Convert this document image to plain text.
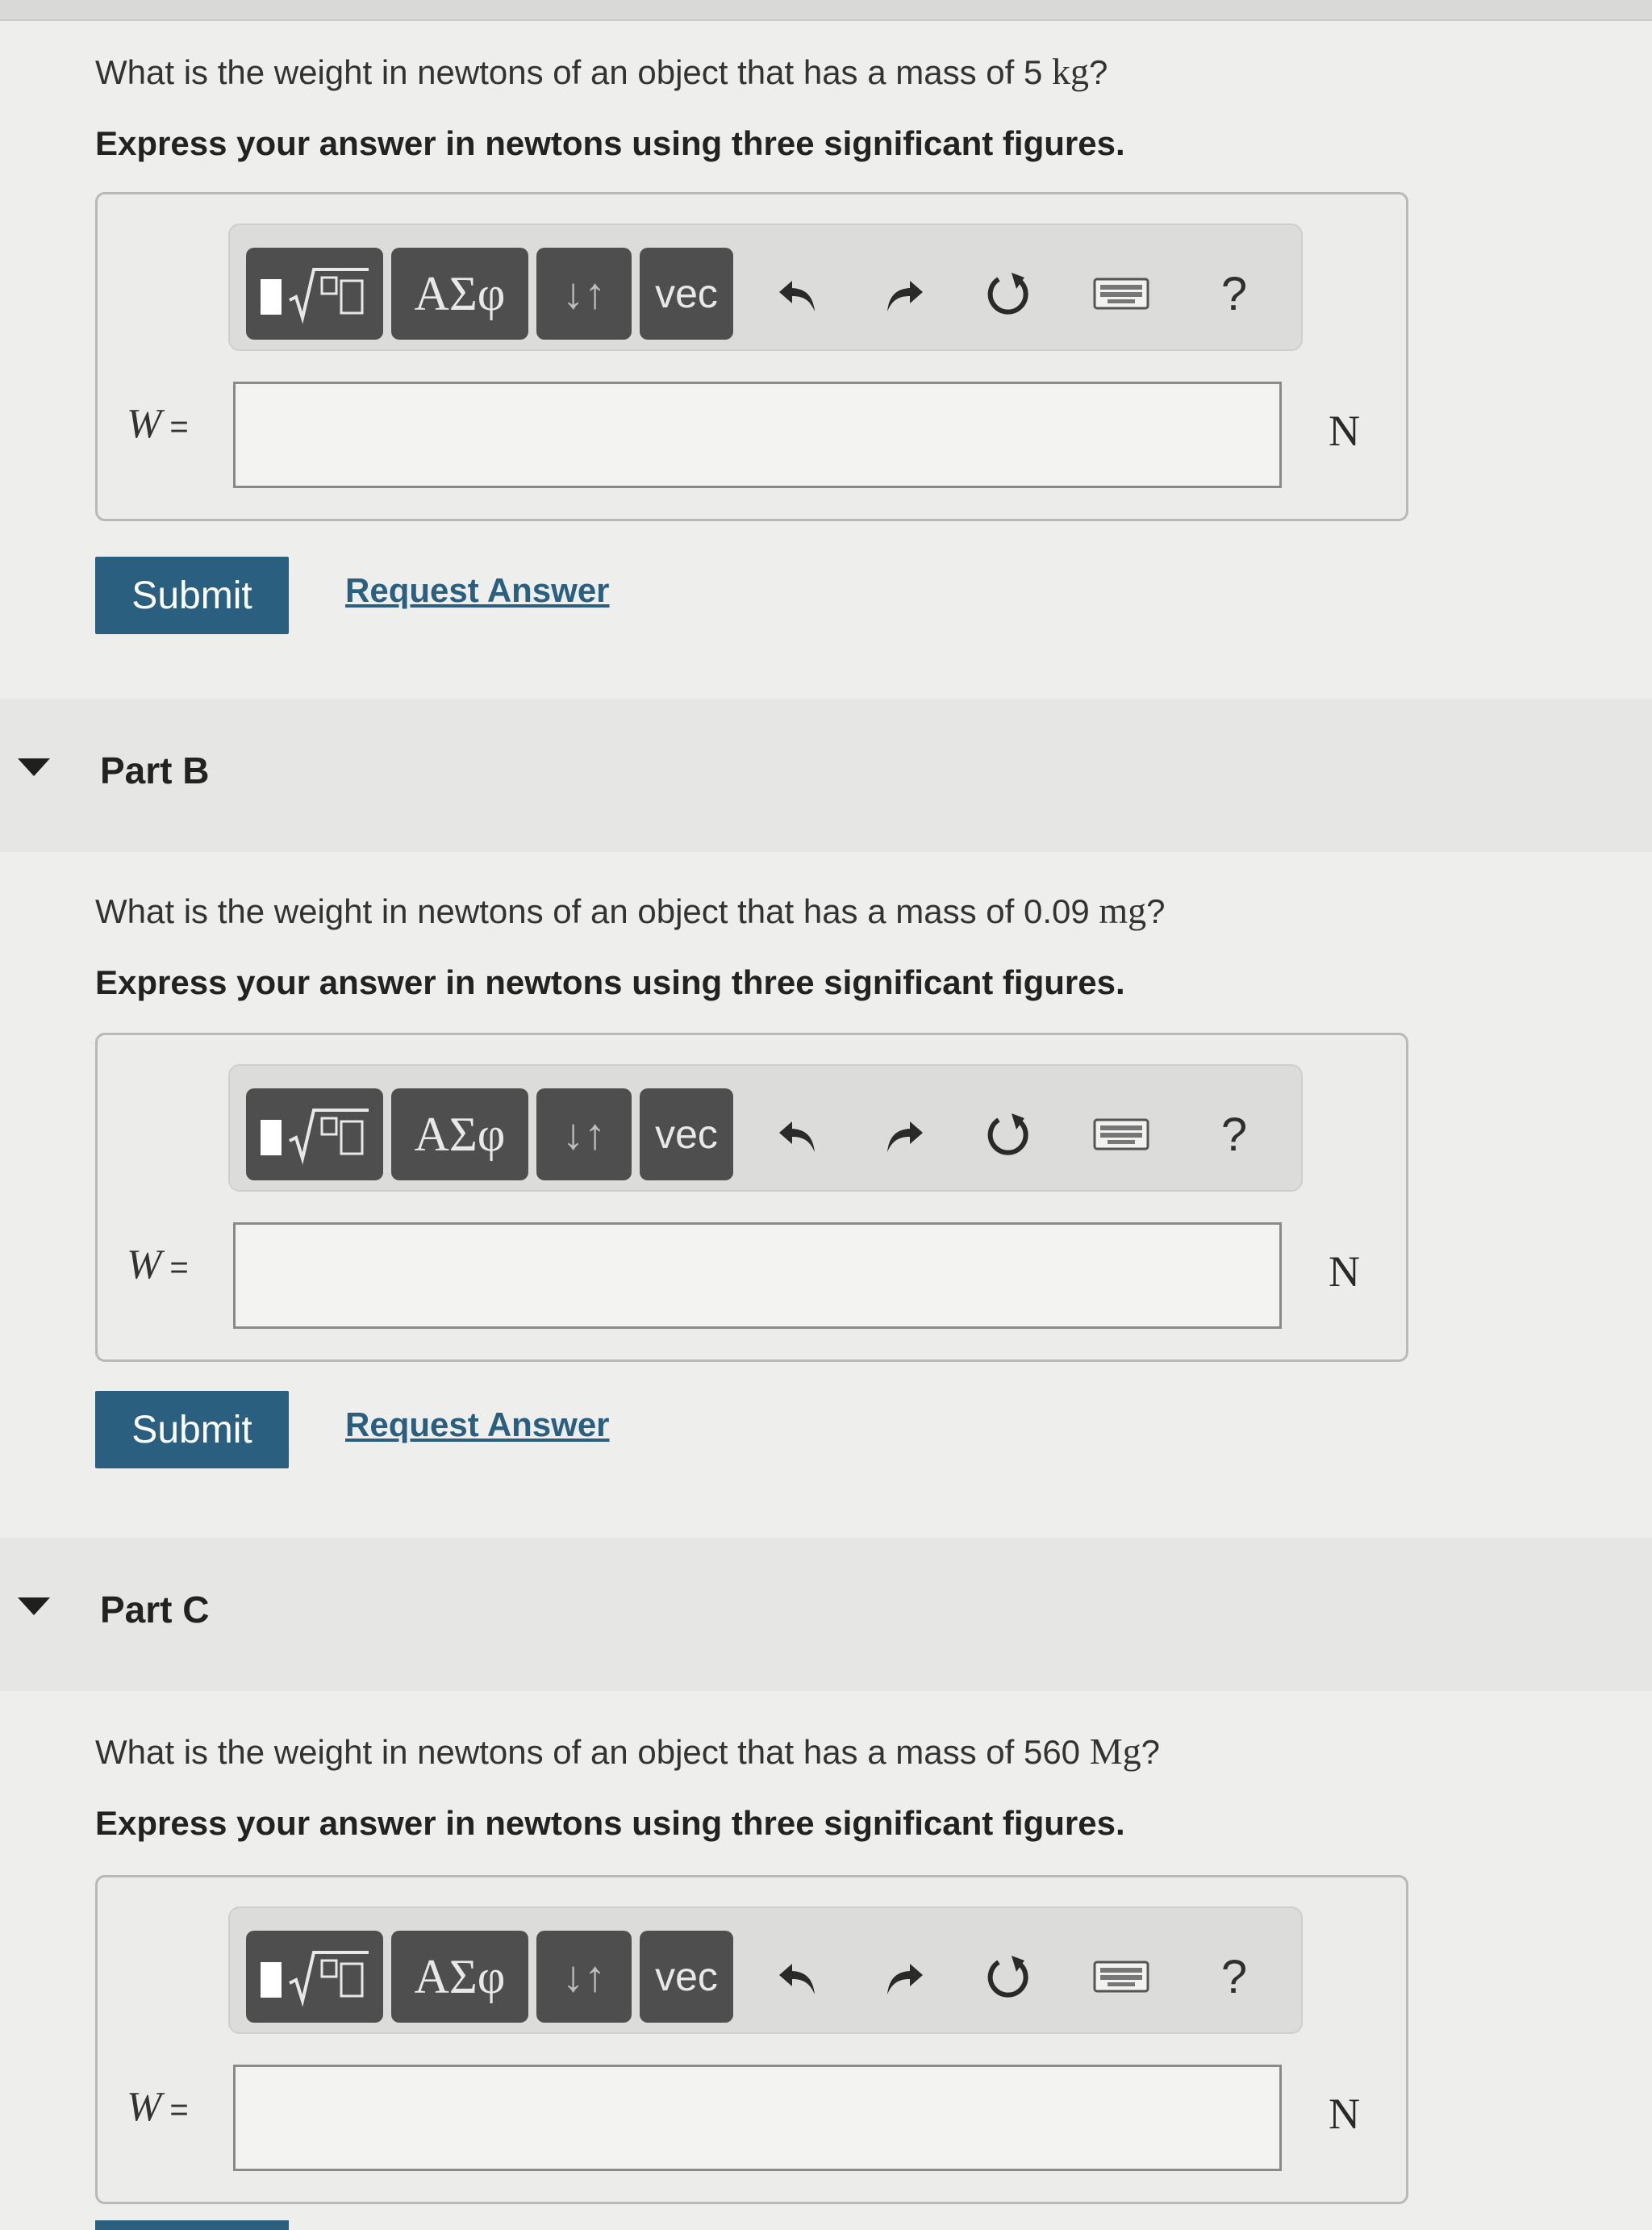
What is the weight in newtons of an object that has a mass of 5 kg?
Express your answer in newtons using three significant figures.
ΑΣφ	↓↑	vec	?
W =	N
Submit	Request Answer
Part B
What is the weight in newtons of an object that has a mass of 0.09 mg?
Express your answer in newtons using three significant figures.
ΑΣφ	↓↑	vec	?
W =	N
Submit	Request Answer
Part C
What is the weight in newtons of an object that has a mass of 560 Mg?
Express your answer in newtons using three significant figures.
ΑΣφ	↓↑	vec	?
W =	N
